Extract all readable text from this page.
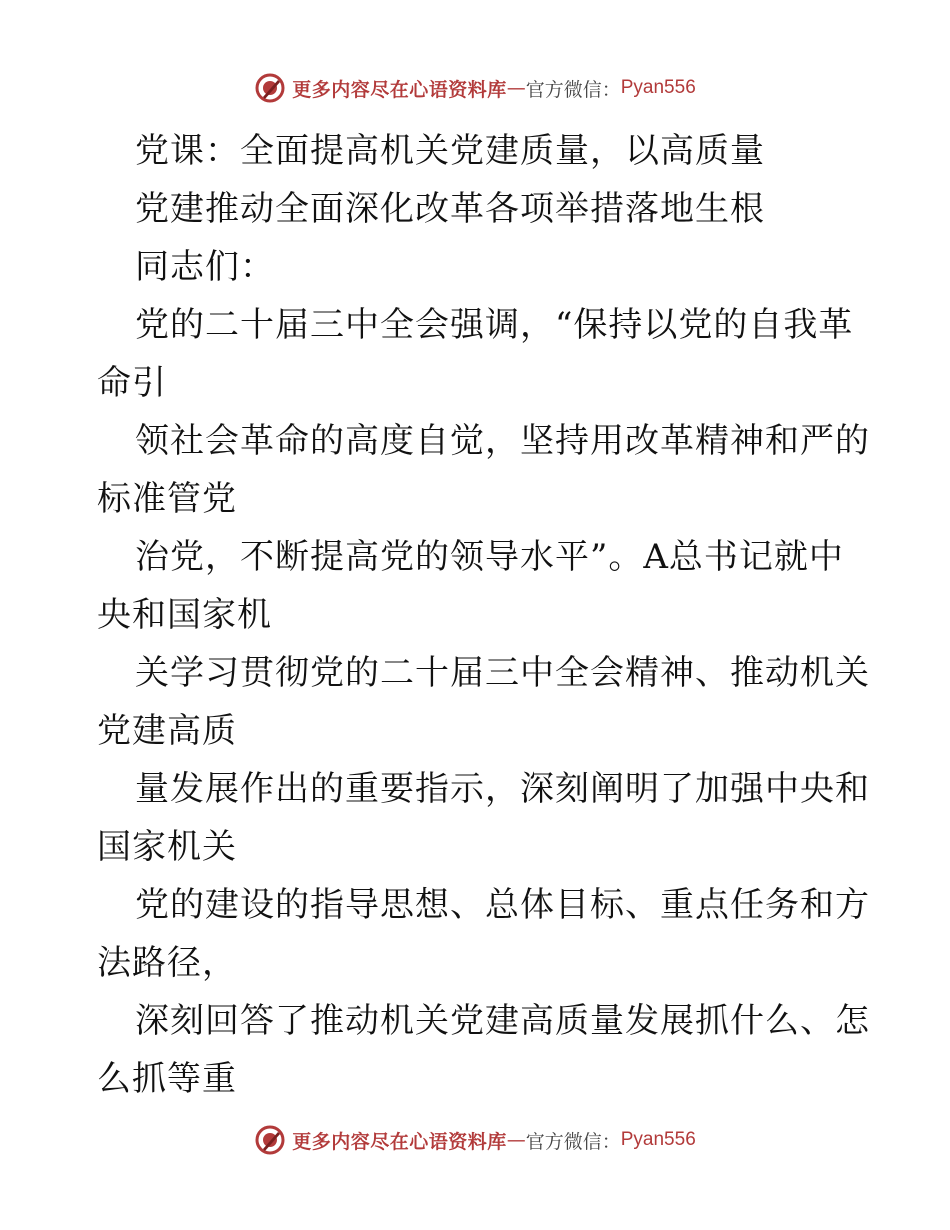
更多内容尽在心语资料库 — 官方微信： Pyan556
党课：全面提高机关党建质量，以高质量
党建推动全面深化改革各项举措落地生根
同志们：
党的二十届三中全会强调，“保持以党的自我革
命引
领社会革命的高度自觉，坚持用改革精神和严的
标准管党
治党，不断提高党的领导水平”。A总书记就中
央和国家机
关学习贯彻党的二十届三中全会精神、推动机关
党建高质
量发展作出的重要指示，深刻阐明了加强中央和
国家机关
党的建设的指导思想、总体目标、重点任务和方
法路径，
深刻回答了推动机关党建高质量发展抓什么、怎
么抓等重
更多内容尽在心语资料库 — 官方微信： Pyan556
